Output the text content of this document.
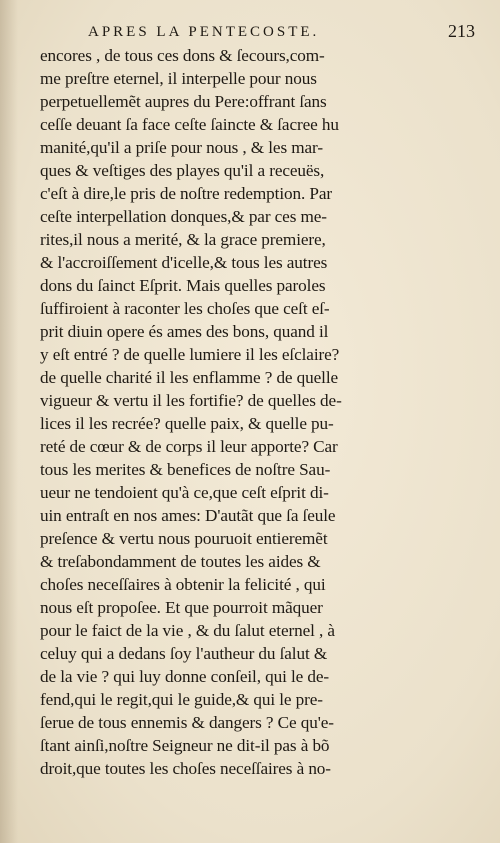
APRES LA PENTECOSTE.	213
encores , de tous ces dons & ſecours,com-
me preſtre eternel, il interpelle pour nous
perpetuellemẽt aupres du Pere:offrant ſans
ceſſe deuant ſa face ceſte ſaincte & ſacree hu
manité,qu'il a priſe pour nous , & les mar-
ques & veſtiges des playes qu'il a receuës,
c'eſt à dire,le pris de noſtre redemption. Par
ceſte interpellation donques,& par ces me-
rites,il nous a merité, & la grace premiere,
& l'accroiſſement d'icelle,& tous les autres
dons du ſainct Eſprit. Mais quelles paroles
ſuffiroient à raconter les choſes que ceſt eſ-
prit diuin opere és ames des bons, quand il
y eſt entré ? de quelle lumiere il les eſclaire?
de quelle charité il les enflamme ? de quelle
vigueur & vertu il les fortifie? de quelles de-
lices il les recrée? quelle paix, & quelle pu-
reté de cœur & de corps il leur apporte? Car
tous les merites & benefices de noſtre Sau-
ueur ne tendoient qu'à ce,que ceſt eſprit di-
uin entraſt en nos ames: D'autãt que ſa ſeule
preſence & vertu nous pouruoit entieremẽt
& treſabondamment de toutes les aides &
choſes neceſſaires à obtenir la felicité , qui
nous eſt propoſee. Et que pourroit mãquer
pour le faict de la vie , & du ſalut eternel , à
celuy qui a dedans ſoy l'autheur du ſalut &
de la vie ? qui luy donne conſeil, qui le de-
fend,qui le regit,qui le guide,& qui le pre-
ſerue de tous ennemis & dangers ? Ce qu'e-
ſtant ainſi,noſtre Seigneur ne dit-il pas à bõ
droit,que toutes les choſes neceſſaires à no-
